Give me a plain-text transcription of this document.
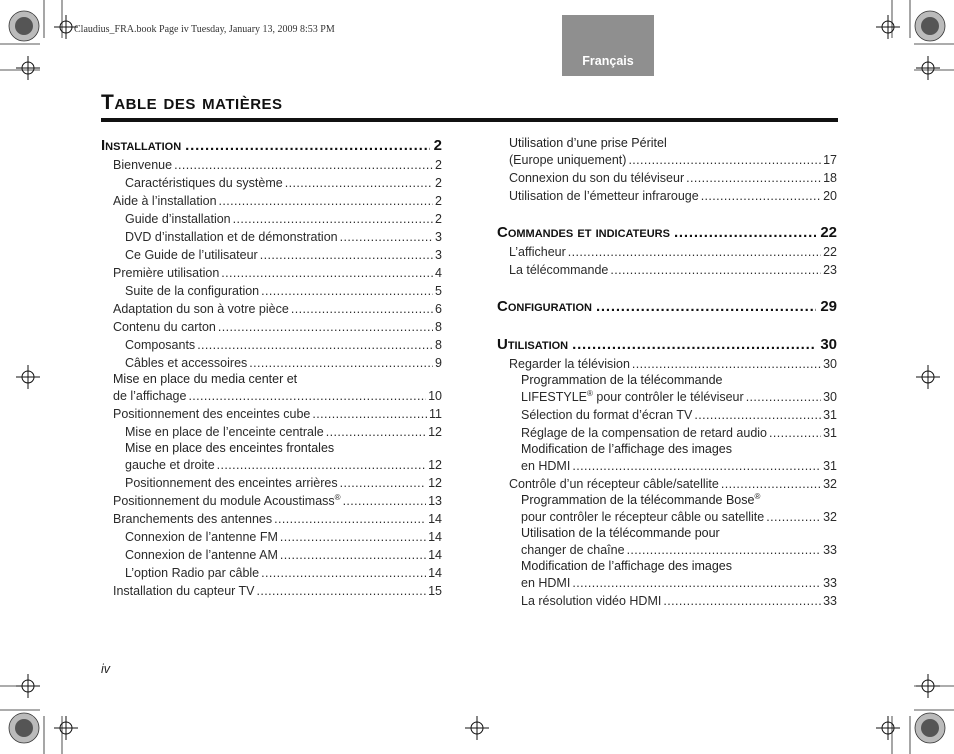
Claudius_FRA.book Page iv Tuesday, January 13, 2009 8:53 PM
Français
Table des matières
Installation .....	2
Bienvenue .....	2
Caractéristiques du système .....	2
Aide à l’installation .....	2
Guide d’installation .....	2
DVD d’installation et de démonstration .....	3
Ce Guide de l’utilisateur .....	3
Première utilisation .....	4
Suite de la configuration .....	5
Adaptation du son à votre pièce .....	6
Contenu du carton .....	8
Composants .....	8
Câbles et accessoires .....	9
Mise en place du media center et
de l’affichage .....	10
Positionnement des enceintes cube .....	11
Mise en place de l’enceinte centrale .....	12
Mise en place des enceintes frontales
gauche et droite .....	12
Positionnement des enceintes arrières .....	12
Positionnement du module Acoustimass® .....	13
Branchements des antennes .....	14
Connexion de l’antenne FM .....	14
Connexion de l’antenne AM .....	14
L’option Radio par câble .....	14
Installation du capteur TV .....	15
Utilisation d’une prise Péritel
(Europe uniquement) .....	17
Connexion du son du téléviseur .....	18
Utilisation de l’émetteur infrarouge .....	20
Commandes et indicateurs .....	22
L’afficheur .....	22
La télécommande .....	23
Configuration .....	29
Utilisation .....	30
Regarder la télévision .....	30
Programmation de la télécommande
LIFESTYLE® pour contrôler le téléviseur .....	30
Sélection du format d’écran TV .....	31
Réglage de la compensation de retard audio .....	31
Modification de l’affichage des images
en HDMI .....	31
Contrôle d’un récepteur câble/satellite .....	32
Programmation de la télécommande Bose®
pour contrôler le récepteur câble ou satellite .....	32
Utilisation de la télécommande pour
changer de chaîne .....	33
Modification de l’affichage des images
en HDMI .....	33
La résolution vidéo HDMI .....	33
iv
